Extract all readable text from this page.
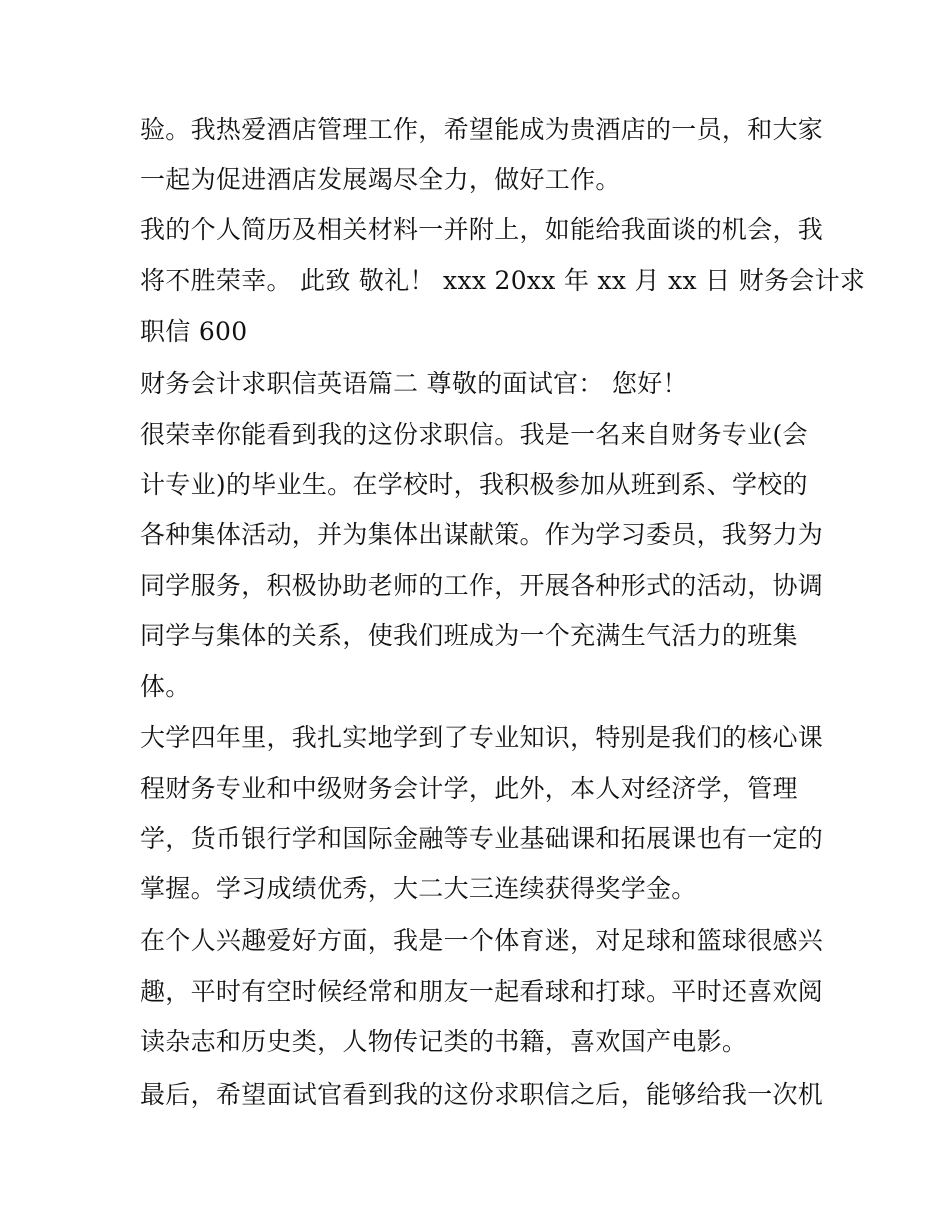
验。我热爱酒店管理工作，希望能成为贵酒店的一员，和大家
一起为促进酒店发展竭尽全力，做好工作。
我的个人简历及相关材料一并附上，如能给我面谈的机会，我
将不胜荣幸。 此致 敬礼！ xxx 20xx 年 xx 月 xx 日 财务会计求
职信 600
财务会计求职信英语篇二 尊敬的面试官： 您好！
很荣幸你能看到我的这份求职信。我是一名来自财务专业(会
计专业)的毕业生。在学校时，我积极参加从班到系、学校的
各种集体活动，并为集体出谋献策。作为学习委员，我努力为
同学服务，积极协助老师的工作，开展各种形式的活动，协调
同学与集体的关系，使我们班成为一个充满生气活力的班集
体。
大学四年里，我扎实地学到了专业知识，特别是我们的核心课
程财务专业和中级财务会计学，此外，本人对经济学，管理
学，货币银行学和国际金融等专业基础课和拓展课也有一定的
掌握。学习成绩优秀，大二大三连续获得奖学金。
在个人兴趣爱好方面，我是一个体育迷，对足球和篮球很感兴
趣，平时有空时候经常和朋友一起看球和打球。平时还喜欢阅
读杂志和历史类，人物传记类的书籍，喜欢国产电影。
最后，希望面试官看到我的这份求职信之后，能够给我一次机
